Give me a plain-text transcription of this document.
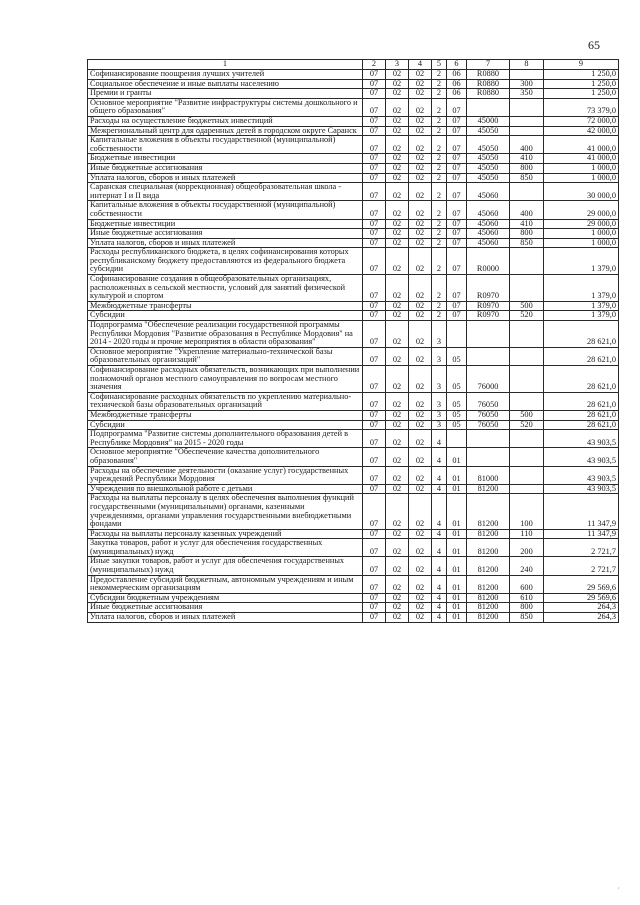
65
1	2	3	4	5	6	7	8	9
Софинансирование поощрения лучших учителей	07	02	02	2	06	R0880		1 250,0
Социальное обеспечение и иные выплаты населению	07	02	02	2	06	R0880	300	1 250,0
Премии и гранты	07	02	02	2	06	R0880	350	1 250,0
Основное мероприятие "Развитие инфраструктуры системы дошкольного и общего образования"	07	02	02	2	07			73 379,0
Расходы на осуществление бюджетных инвестиций	07	02	02	2	07	45000		72 000,0
Межрегиональный центр для одаренных детей в городском округе Саранск	07	02	02	2	07	45050		42 000,0
Капитальные вложения в объекты государственной (муниципальной) собственности	07	02	02	2	07	45050	400	41 000,0
Бюджетные инвестиции	07	02	02	2	07	45050	410	41 000,0
Иные бюджетные ассигнования	07	02	02	2	07	45050	800	1 000,0
Уплата налогов, сборов и иных платежей	07	02	02	2	07	45050	850	1 000,0
Саранская специальная (коррекционная) общеобразовательная школа - интернат I и II вида	07	02	02	2	07	45060		30 000,0
Капитальные вложения в объекты государственной (муниципальной) собственности	07	02	02	2	07	45060	400	29 000,0
Бюджетные инвестиции	07	02	02	2	07	45060	410	29 000,0
Иные бюджетные ассигнования	07	02	02	2	07	45060	800	1 000,0
Уплата налогов, сборов и иных платежей	07	02	02	2	07	45060	850	1 000,0
Расходы республиканского бюджета, в целях софинансирования которых республиканскому бюджету предоставляются из федерального бюджета субсидии	07	02	02	2	07	R0000		1 379,0
Софинансирование создания в общеобразовательных организациях, расположенных в сельской местности, условий для занятий физической культурой и спортом	07	02	02	2	07	R0970		1 379,0
Межбюджетные трансферты	07	02	02	2	07	R0970	500	1 379,0
Субсидии	07	02	02	2	07	R0970	520	1 379,0
Подпрограмма "Обеспечение реализации государственной программы Республики Мордовия "Развитие образования в Республике Мордовия" на 2014 - 2020 годы и прочие мероприятия в области образования"	07	02	02	3				28 621,0
Основное мероприятие "Укрепление материально-технической базы образовательных организаций"	07	02	02	3	05			28 621,0
Софинансирование расходных обязательств, возникающих при выполнении полномочий органов местного самоуправления по вопросам местного значения	07	02	02	3	05	76000		28 621,0
Софинансирование расходных обязательств по укреплению материально-технической базы образовательных организаций	07	02	02	3	05	76050		28 621,0
Межбюджетные трансферты	07	02	02	3	05	76050	500	28 621,0
Субсидии	07	02	02	3	05	76050	520	28 621,0
Подпрограмма "Развитие системы дополнительного образования детей в Республике Мордовия" на 2015 - 2020 годы	07	02	02	4				43 903,5
Основное мероприятие "Обеспечение качества дополнительного образования"	07	02	02	4	01			43 903,5
Расходы на обеспечение деятельности (оказание услуг) государственных учреждений Республики Мордовия	07	02	02	4	01	81000		43 903,5
Учреждения по внешкольной работе с детьми	07	02	02	4	01	81200		43 903,5
Расходы на выплаты персоналу в целях обеспечения выполнения функций государственными (муниципальными) органами, казенными учреждениями, органами управления государственными внебюджетными фондами	07	02	02	4	01	81200	100	11 347,9
Расходы на выплаты персоналу казенных учреждений	07	02	02	4	01	81200	110	11 347,9
Закупка товаров, работ и услуг для обеспечения государственных (муниципальных) нужд	07	02	02	4	01	81200	200	2 721,7
Иные закупки товаров, работ и услуг для обеспечения государственных (муниципальных) нужд	07	02	02	4	01	81200	240	2 721,7
Предоставление субсидий бюджетным, автономным учреждениям и иным некоммерческим организациям	07	02	02	4	01	81200	600	29 569,6
Субсидии бюджетным учреждениям	07	02	02	4	01	81200	610	29 569,6
Иные бюджетные ассигнования	07	02	02	4	01	81200	800	264,3
Уплата налогов, сборов и иных платежей	07	02	02	4	01	81200	850	264,3
,
